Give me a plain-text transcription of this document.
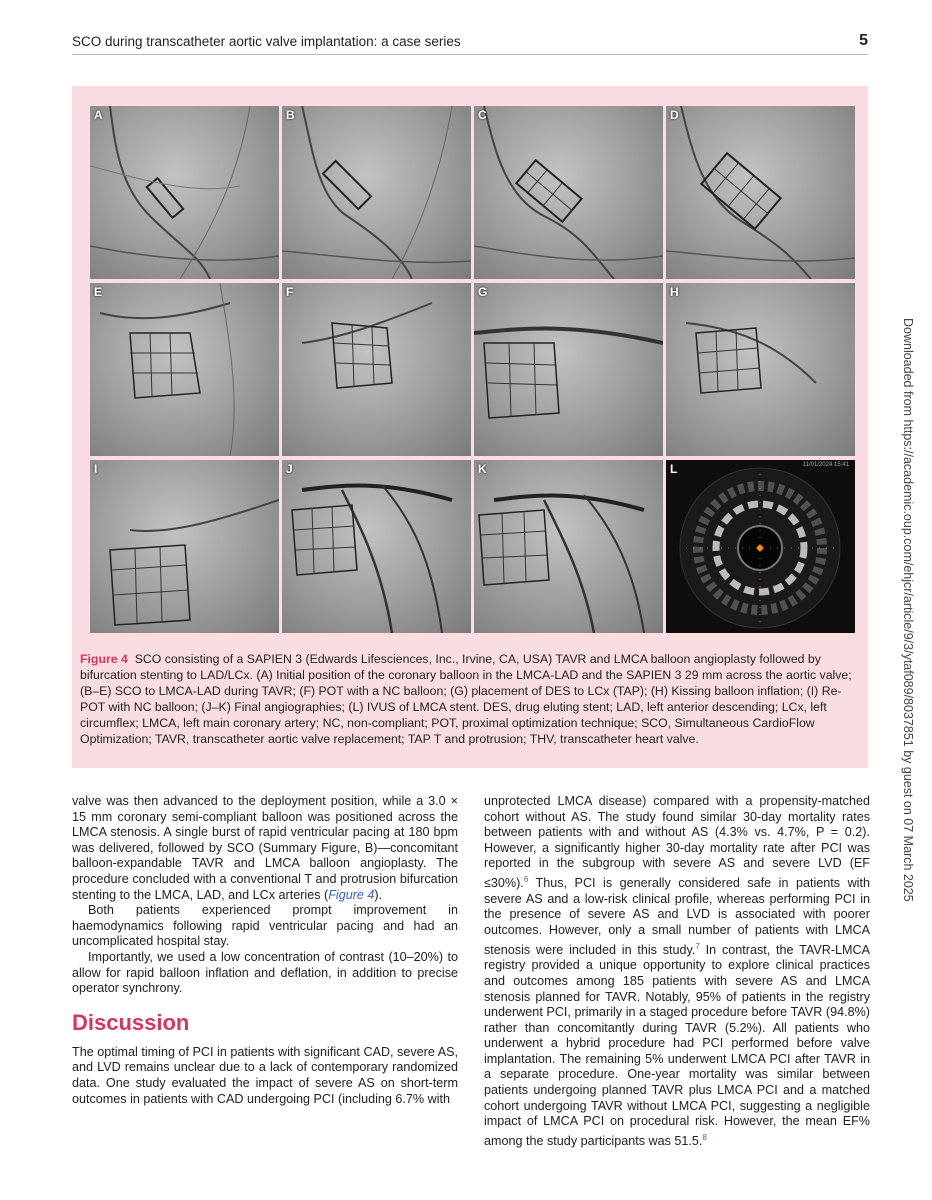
SCO during transcatheter aortic valve implantation: a case series	5
A	B	C	D
E	F	G	H
I	J	K	L	11/01/2024 15:41
Figure 4 SCO consisting of a SAPIEN 3 (Edwards Lifesciences, Inc., Irvine, CA, USA) TAVR and LMCA balloon angioplasty followed by bifurcation stenting to LAD/LCx. (A) Initial position of the coronary balloon in the LMCA-LAD and the SAPIEN 3 29 mm across the aortic valve; (B–E) SCO to LMCA-LAD during TAVR; (F) POT with a NC balloon; (G) placement of DES to LCx (TAP); (H) Kissing balloon inflation; (I) Re-POT with NC balloon; (J–K) Final angiographies; (L) IVUS of LMCA stent. DES, drug eluting stent; LAD, left anterior descending; LCx, left circumflex; LMCA, left main coronary artery; NC, non-compliant; POT, proximal optimization technique; SCO, Simultaneous CardioFlow Optimization; TAVR, transcatheter aortic valve replacement; TAP T and protrusion; THV, transcatheter heart valve.

valve was then advanced to the deployment position, while a 3.0 × 15 mm coronary semi-compliant balloon was positioned across the LMCA stenosis. A single burst of rapid ventricular pacing at 180 bpm was delivered, followed by SCO (Summary Figure, B)—concomitant balloon-expandable TAVR and LMCA balloon angioplasty. The procedure concluded with a conventional T and protrusion bifurcation stenting to the LMCA, LAD, and LCx arteries (Figure 4).

Both patients experienced prompt improvement in haemodynamics following rapid ventricular pacing and had an uncomplicated hospital stay.

Importantly, we used a low concentration of contrast (10–20%) to allow for rapid balloon inflation and deflation, in addition to precise operator synchrony.

Discussion

The optimal timing of PCI in patients with significant CAD, severe AS, and LVD remains unclear due to a lack of contemporary randomized data. One study evaluated the impact of severe AS on short-term outcomes in patients with CAD undergoing PCI (including 6.7% with

unprotected LMCA disease) compared with a propensity-matched cohort without AS. The study found similar 30-day mortality rates between patients with and without AS (4.3% vs. 4.7%, P = 0.2). However, a significantly higher 30-day mortality rate after PCI was reported in the subgroup with severe AS and severe LVD (EF ≤30%).$^6$ Thus, PCI is generally considered safe in patients with severe AS and a low-risk clinical profile, whereas performing PCI in the presence of severe AS and LVD is associated with poorer outcomes. However, only a small number of patients with LMCA stenosis were included in this study.$^7$ In contrast, the TAVR-LMCA registry provided a unique opportunity to explore clinical practices and outcomes among 185 patients with severe AS and LMCA stenosis planned for TAVR. Notably, 95% of patients in the registry underwent PCI, primarily in a staged procedure before TAVR (94.8%) rather than concomitantly during TAVR (5.2%). All patients who underwent a hybrid procedure had PCI performed before valve implantation. The remaining 5% underwent LMCA PCI after TAVR in a separate procedure. One-year mortality was similar between patients undergoing planned TAVR plus LMCA PCI and a matched cohort undergoing TAVR without LMCA PCI, suggesting a negligible impact of LMCA PCI on procedural risk. However, the mean EF% among the study participants was 51.5.$^8$

Downloaded from https://academic.oup.com/ehjcr/article/9/3/ytaf089/8037851 by guest on 07 March 2025
